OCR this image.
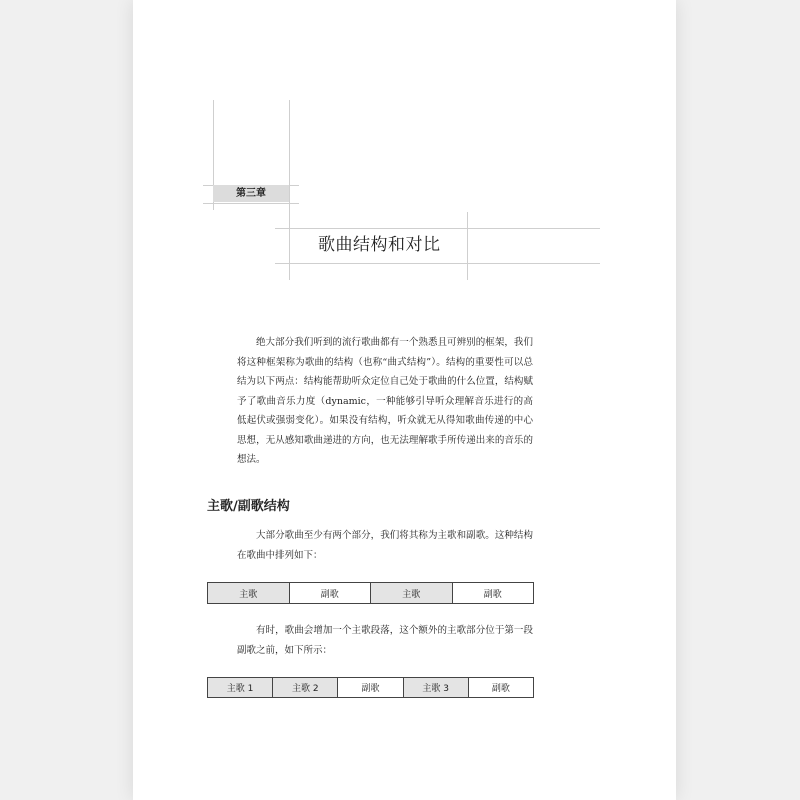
第三章
歌曲结构和对比

绝大部分我们听到的流行歌曲都有一个熟悉且可辨别的框架，我们将这种框架称为歌曲的结构（也称“曲式结构”）。结构的重要性可以总结为以下两点：结构能帮助听众定位自己处于歌曲的什么位置，结构赋予了歌曲音乐力度（dynamic，一种能够引导听众理解音乐进行的高低起伏或强弱变化）。如果没有结构，听众就无从得知歌曲传递的中心思想，无从感知歌曲递进的方向，也无法理解歌手所传递出来的音乐的想法。

主歌/副歌结构

大部分歌曲至少有两个部分，我们将其称为主歌和副歌。这种结构在歌曲中排列如下：

主歌	副歌	主歌	副歌

有时，歌曲会增加一个主歌段落，这个额外的主歌部分位于第一段副歌之前，如下所示：

主歌 1	主歌 2	副歌	主歌 3	副歌
